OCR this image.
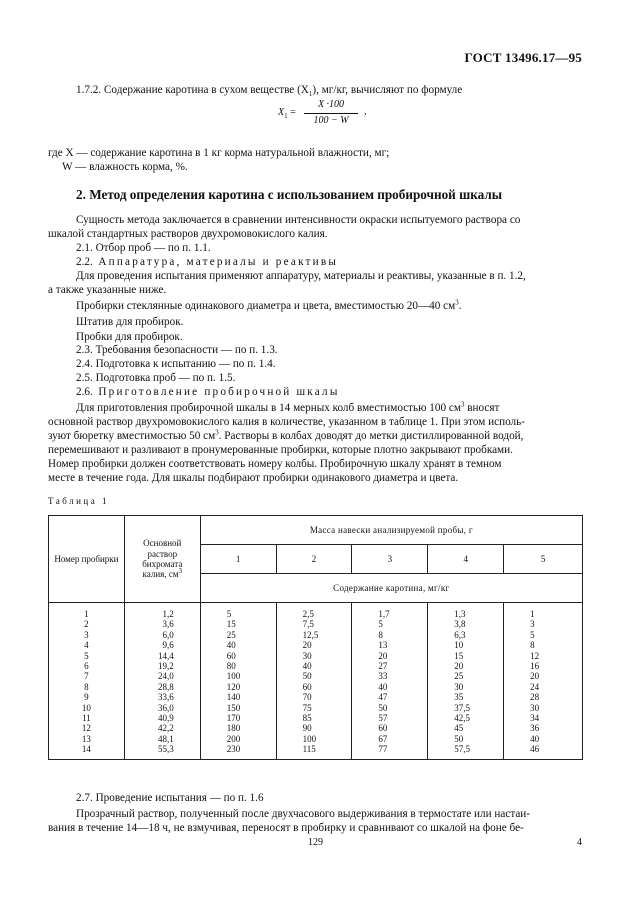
ГОСТ 13496.17—95
1.7.2. Содержание каротина в сухом веществе $(X_1)$, мг/кг, вычисляют по формуле
$X_1$ =
X ·100
100 − W
,
где X — содержание каротина в 1 кг корма натуральной влажности, мг;
W — влажность корма, %.
2. Метод определения каротина с использованием пробирочной шкалы
Сущность метода заключается в сравнении интенсивности окраски испытуемого раствора со
шкалой стандартных растворов двухромовокислого калия.
2.1. Отбор проб — по п. 1.1.
2.2. Аппаратура, материалы и реактивы
Для проведения испытания применяют аппаратуру, материалы и реактивы, указанные в п. 1.2,
а также указанные ниже.
Пробирки стеклянные одинакового диаметра и цвета, вместимостью 20—40 $см^3$.
Штатив для пробирок.
Пробки для пробирок.
2.3. Требования безопасности — по п. 1.3.
2.4. Подготовка к испытанию — по п. 1.4.
2.5. Подготовка проб — по п. 1.5.
2.6. Приготовление пробирочной шкалы
Для приготовления пробирочной шкалы в 14 мерных колб вместимостью 100 $см^3$ вносят
основной раствор двухромовокислого калия в количестве, указанном в таблице 1. При этом исполь-
зуют бюретку вместимостью 50 $см^3$. Растворы в колбах доводят до метки дистиллированной водой,
перемешивают и разливают в пронумерованные пробирки, которые плотно закрывают пробками.
Номер пробирки должен соответствовать номеру колбы. Пробирочную шкалу хранят в темном
месте в течение года. Для шкалы подбирают пробирки одинакового диаметра и цвета.
Таблица 1
Номер пробирки	Основной
раствор
бихромата
калия, $см^3$	Масса навески анализируемой пробы, г				
		1	2	3	4	5
		Содержание каротина, мг/кг				
1	1,2	5	2,5	1,7	1,3	1
2	3,6	15	7,5	5	3,8	3
3	6,0	25	12,5	8	6,3	5
4	9,6	40	20	13	10	8
5	14,4	60	30	20	15	12
6	19,2	80	40	27	20	16
7	24,0	100	50	33	25	20
8	28,8	120	60	40	30	24
9	33,6	140	70	47	35	28
10	36,0	150	75	50	37,5	30
11	40,9	170	85	57	42,5	34
12	42,2	180	90	60	45	36
13	48,1	200	100	67	50	40
14	55,3	230	115	77	57,5	46
2.7. Проведение испытания — по п. 1.6
Прозрачный раствор, полученный после двухчасового выдерживания в термостате или настаи-
вания в течение 14—18 ч, не взмучивая, переносят в пробирку и сравнивают со шкалой на фоне бе-
129	4
